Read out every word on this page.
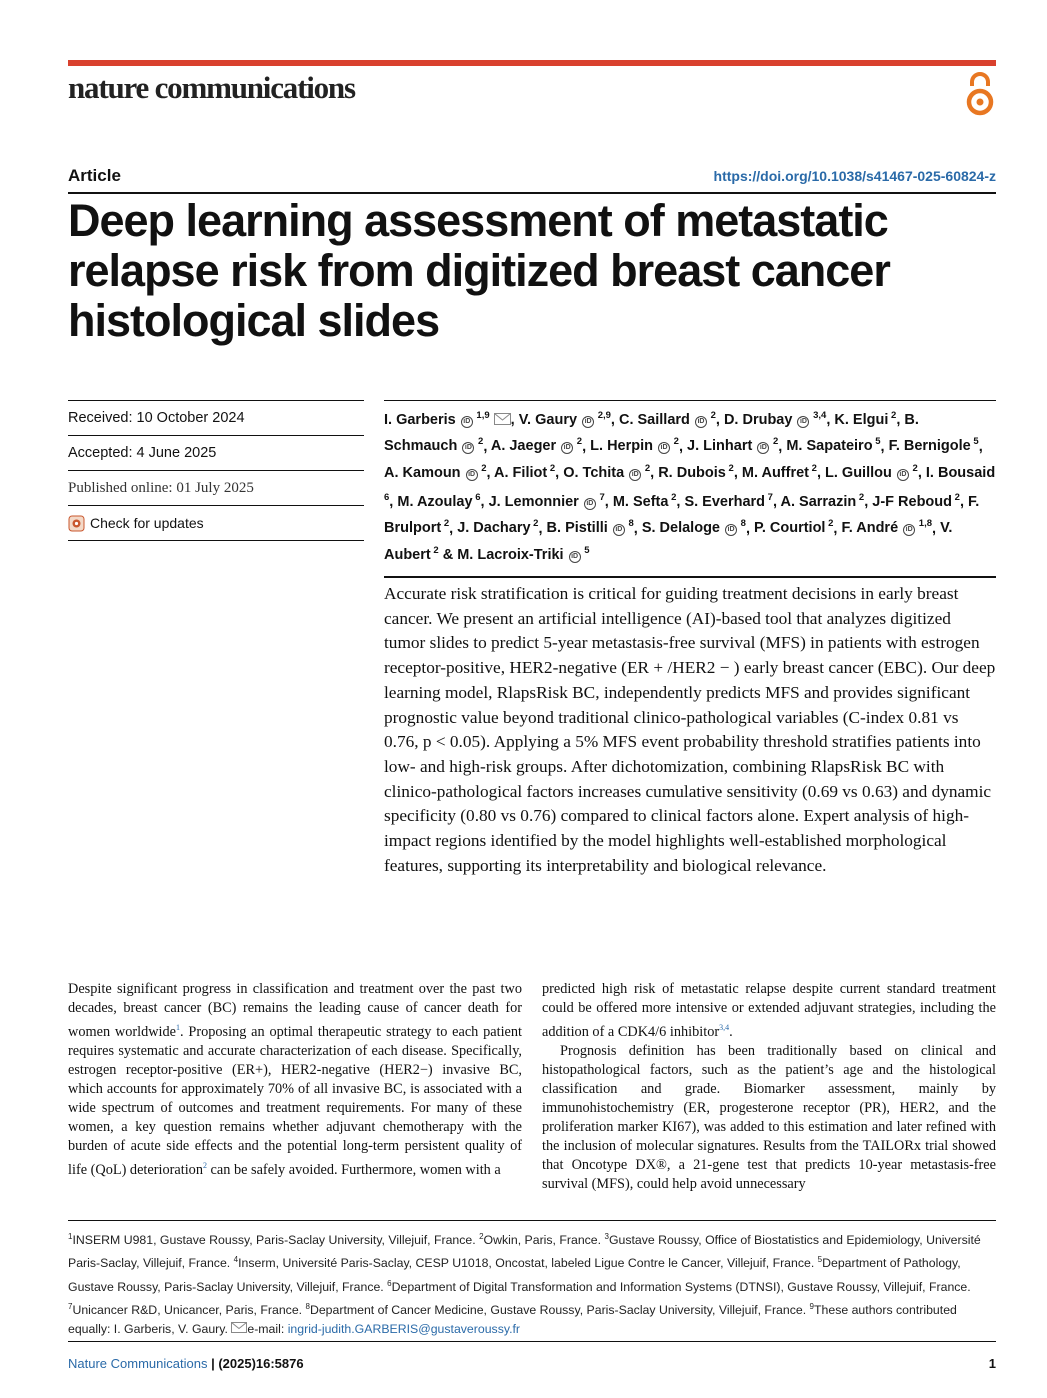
nature communications
Article	https://doi.org/10.1038/s41467-025-60824-z
Deep learning assessment of metastatic relapse risk from digitized breast cancer histological slides
Received: 10 October 2024
Accepted: 4 June 2025
Published online: 01 July 2025
Check for updates
I. Garberis iD $^{1,9}$ , V. Gaury iD $^{2,9}$, C. Saillard iD $^2$, D. Drubay iD $^{3,4}$, K. Elgui $^2$, B. Schmauch iD $^2$, A. Jaeger iD $^2$, L. Herpin iD $^2$, J. Linhart iD $^2$, M. Sapateiro $^5$, F. Bernigole $^5$, A. Kamoun iD $^2$, A. Filiot $^2$, O. Tchita iD $^2$, R. Dubois $^2$, M. Auffret $^2$, L. Guillou iD $^2$, I. Bousaid $^6$, M. Azoulay $^6$, J. Lemonnier iD $^7$, M. Sefta $^2$, S. Everhard $^7$, A. Sarrazin $^2$, J-F Reboud $^2$, F. Brulport $^2$, J. Dachary $^2$, B. Pistilli iD $^8$, S. Delaloge iD $^8$, P. Courtiol $^2$, F. André iD $^{1,8}$, V. Aubert $^2$ & M. Lacroix-Triki iD $^5$

Accurate risk stratification is critical for guiding treatment decisions in early breast cancer. We present an artificial intelligence (AI)-based tool that analyzes digitized tumor slides to predict 5-year metastasis-free survival (MFS) in patients with estrogen receptor-positive, HER2-negative (ER + /HER2 − ) early breast cancer (EBC). Our deep learning model, RlapsRisk BC, independently predicts MFS and provides significant prognostic value beyond traditional clinico-pathological variables (C-index 0.81 vs 0.76, p < 0.05). Applying a 5% MFS event probability threshold stratifies patients into low- and high-risk groups. After dichotomization, combining RlapsRisk BC with clinico-pathological factors increases cumulative sensitivity (0.69 vs 0.63) and dynamic specificity (0.80 vs 0.76) compared to clinical factors alone. Expert analysis of high-impact regions identified by the model highlights well-established morphological features, supporting its interpretability and biological relevance.

Despite significant progress in classification and treatment over the past two decades, breast cancer (BC) remains the leading cause of cancer death for women worldwide$^1$. Proposing an optimal therapeutic strategy to each patient requires systematic and accurate characterization of each disease. Specifically, estrogen receptor-positive (ER+), HER2-negative (HER2−) invasive BC, which accounts for approximately 70% of all invasive BC, is associated with a wide spectrum of outcomes and treatment requirements. For many of these women, a key question remains whether adjuvant chemotherapy with the burden of acute side effects and the potential long-term persistent quality of life (QoL) deterioration$^2$ can be safely avoided. Furthermore, women with a

predicted high risk of metastatic relapse despite current standard treatment could be offered more intensive or extended adjuvant strategies, including the addition of a CDK4/6 inhibitor$^{3,4}$.

Prognosis definition has been traditionally based on clinical and histopathological factors, such as the patient’s age and the histological classification and grade. Biomarker assessment, mainly by immunohistochemistry (ER, progesterone receptor (PR), HER2, and the proliferation marker KI67), was added to this estimation and later refined with the inclusion of molecular signatures. Results from the TAILORx trial showed that Oncotype DX®, a 21-gene test that predicts 10-year metastasis-free survival (MFS), could help avoid unnecessary

$^1$INSERM U981, Gustave Roussy, Paris-Saclay University, Villejuif, France. $^2$Owkin, Paris, France. $^3$Gustave Roussy, Office of Biostatistics and Epidemiology, Université Paris-Saclay, Villejuif, France. $^4$Inserm, Université Paris-Saclay, CESP U1018, Oncostat, labeled Ligue Contre le Cancer, Villejuif, France. $^5$Department of Pathology, Gustave Roussy, Paris-Saclay University, Villejuif, France. $^6$Department of Digital Transformation and Information Systems (DTNSI), Gustave Roussy, Villejuif, France. $^7$Unicancer R&D, Unicancer, Paris, France. $^8$Department of Cancer Medicine, Gustave Roussy, Paris-Saclay University, Villejuif, France. $^9$These authors contributed equally: I. Garberis, V. Gaury. e-mail: ingrid-judith.GARBERIS@gustaveroussy.fr
Nature Communications | (2025)16:5876	1
